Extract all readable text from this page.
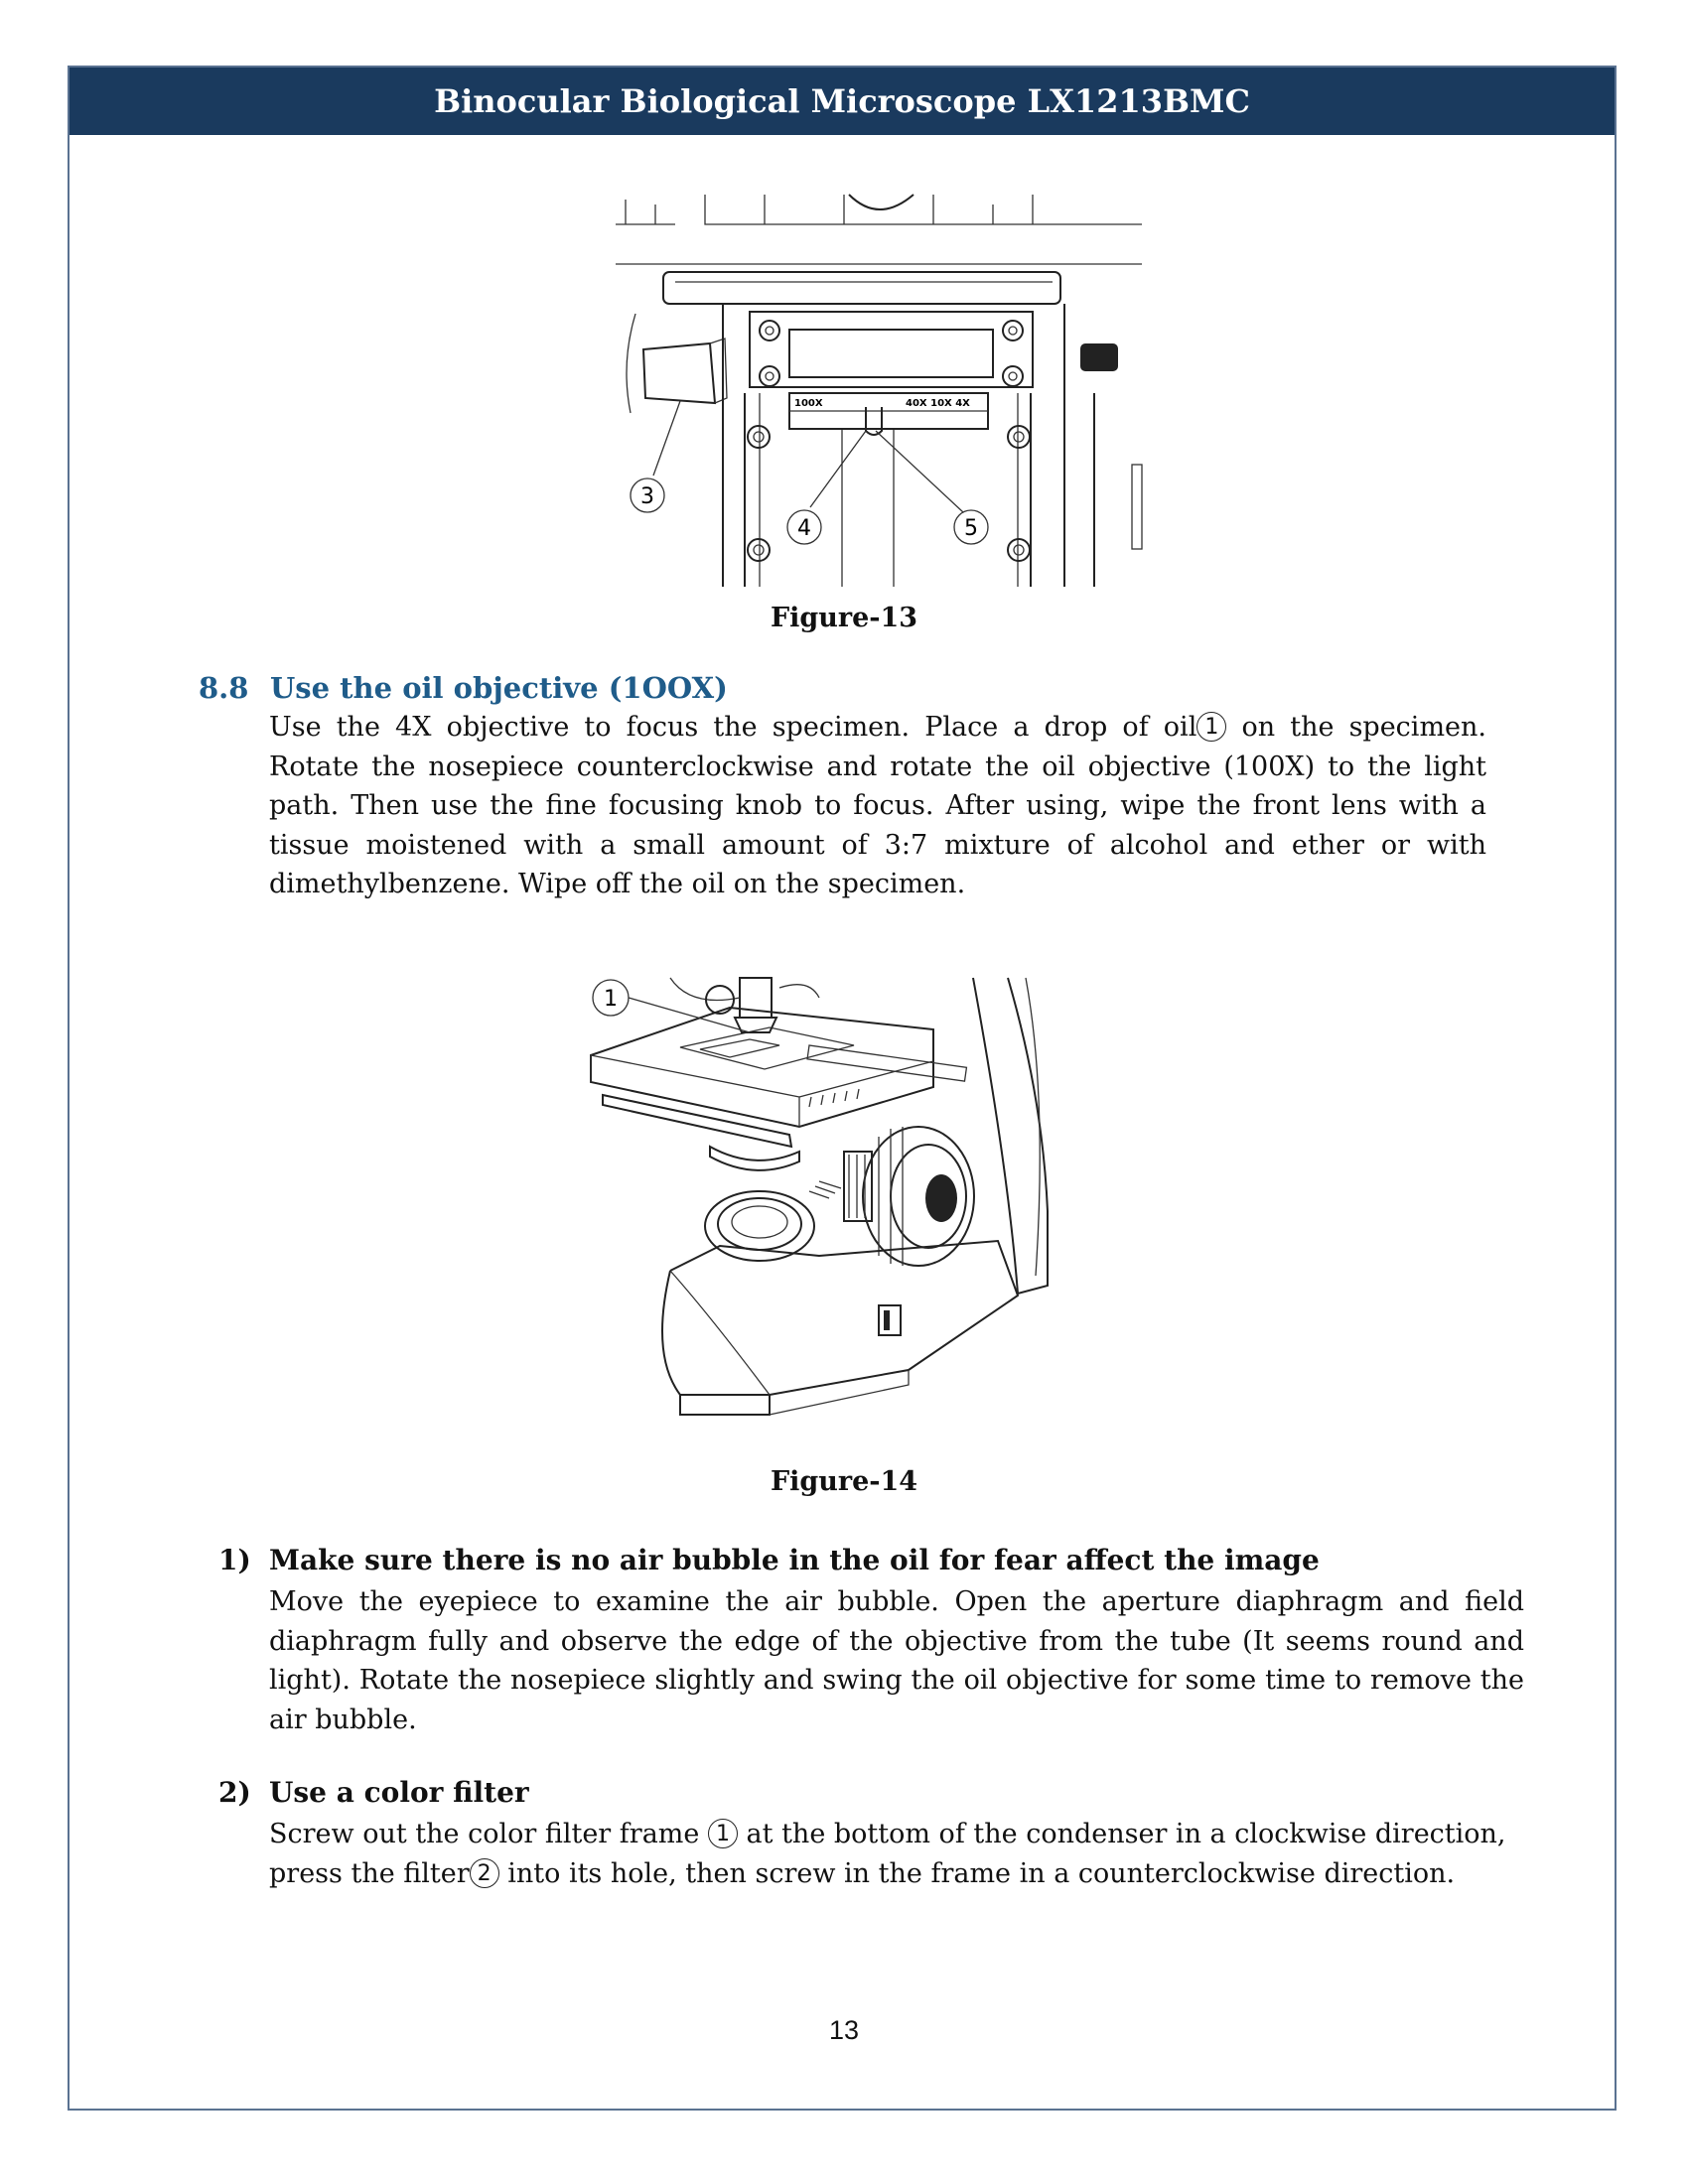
Binocular Biological Microscope LX1213BMC
100X	40X 10X 4X
3
4	5
Figure-13
8.8 Use the oil objective (1OOX)
Use the 4X objective to focus the specimen. Place a drop of oil 1 on the specimen. Rotate the nosepiece counterclockwise and rotate the oil objective (100X) to the light path. Then use the fine focusing knob to focus. After using, wipe the front lens with a tissue moistened with a small amount of 3:7 mixture of alcohol and ether or with dimethylbenzene. Wipe off the oil on the specimen.
1
Figure-14
1) Make sure there is no air bubble in the oil for fear affect the image
Move the eyepiece to examine the air bubble. Open the aperture diaphragm and field diaphragm fully and observe the edge of the objective from the tube (It seems round and light). Rotate the nosepiece slightly and swing the oil objective for some time to remove the air bubble.
2) Use a color filter
Screw out the color filter frame 1 at the bottom of the condenser in a clockwise direction, press the filter 2 into its hole, then screw in the frame in a counterclockwise direction.
13
